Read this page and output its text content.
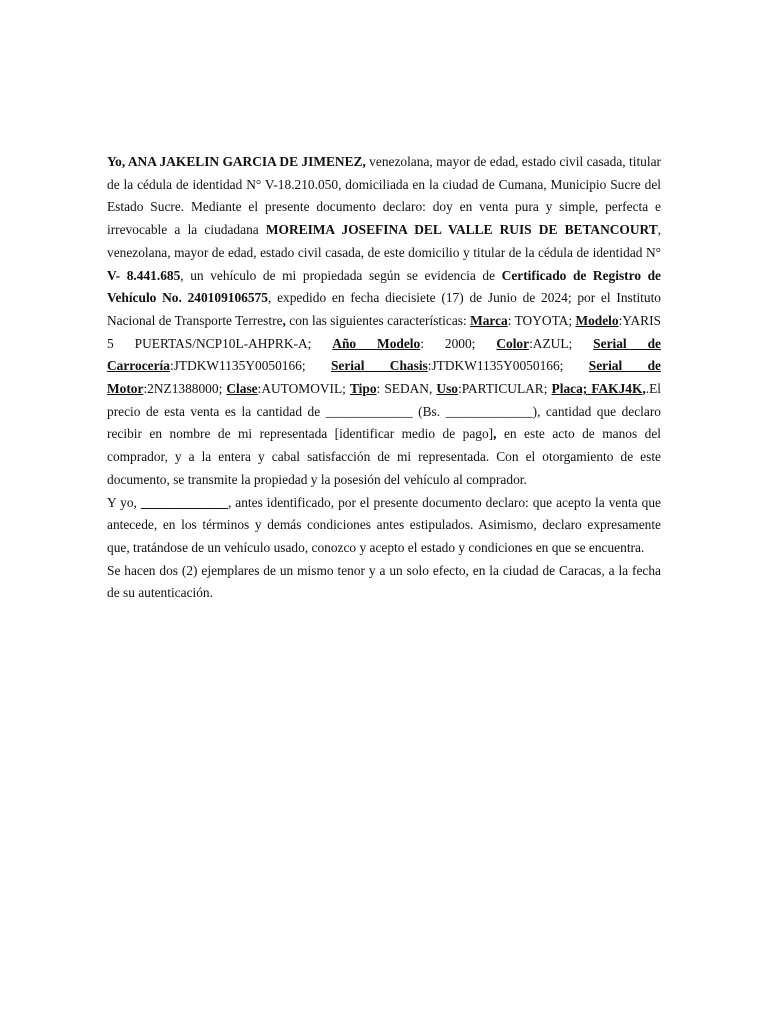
Yo, ANA JAKELIN GARCIA DE JIMENEZ, venezolana, mayor de edad, estado civil casada, titular de la cédula de identidad N° V-18.210.050, domiciliada en la ciudad de Cumana, Municipio Sucre del Estado Sucre. Mediante el presente documento declaro: doy en venta pura y simple, perfecta e irrevocable a la ciudadana MOREIMA JOSEFINA DEL VALLE RUIS DE BETANCOURT, venezolana, mayor de edad, estado civil casada, de este domicilio y titular de la cédula de identidad N° V- 8.441.685, un vehículo de mi propiedada según se evidencia de Certificado de Registro de Vehículo No. 240109106575, expedido en fecha diecisiete (17) de Junio de 2024; por el Instituto Nacional de Transporte Terrestre, con las siguientes características: Marca: TOYOTA; Modelo:YARIS 5 PUERTAS/NCP10L-AHPRK-A; Año Modelo: 2000; Color:AZUL; Serial de Carrocería:JTDKW1135Y0050166; Serial Chasis:JTDKW1135Y0050166; Serial de Motor:2NZ1388000; Clase:AUTOMOVIL; Tipo: SEDAN, Uso:PARTICULAR; Placa; FAKJ4K,.El precio de esta venta es la cantidad de _____________ (Bs. _____________), cantidad que declaro recibir en nombre de mi representada [identificar medio de pago], en este acto de manos del comprador, y a la entera y cabal satisfacción de mi representada. Con el otorgamiento de este documento, se transmite la propiedad y la posesión del vehículo al comprador.

Y yo, _____________, antes identificado, por el presente documento declaro: que acepto la venta que antecede, en los términos y demás condiciones antes estipulados. Asimismo, declaro expresamente que, tratándose de un vehículo usado, conozco y acepto el estado y condiciones en que se encuentra.

Se hacen dos (2) ejemplares de un mismo tenor y a un solo efecto, en la ciudad de Caracas, a la fecha de su autenticación.
